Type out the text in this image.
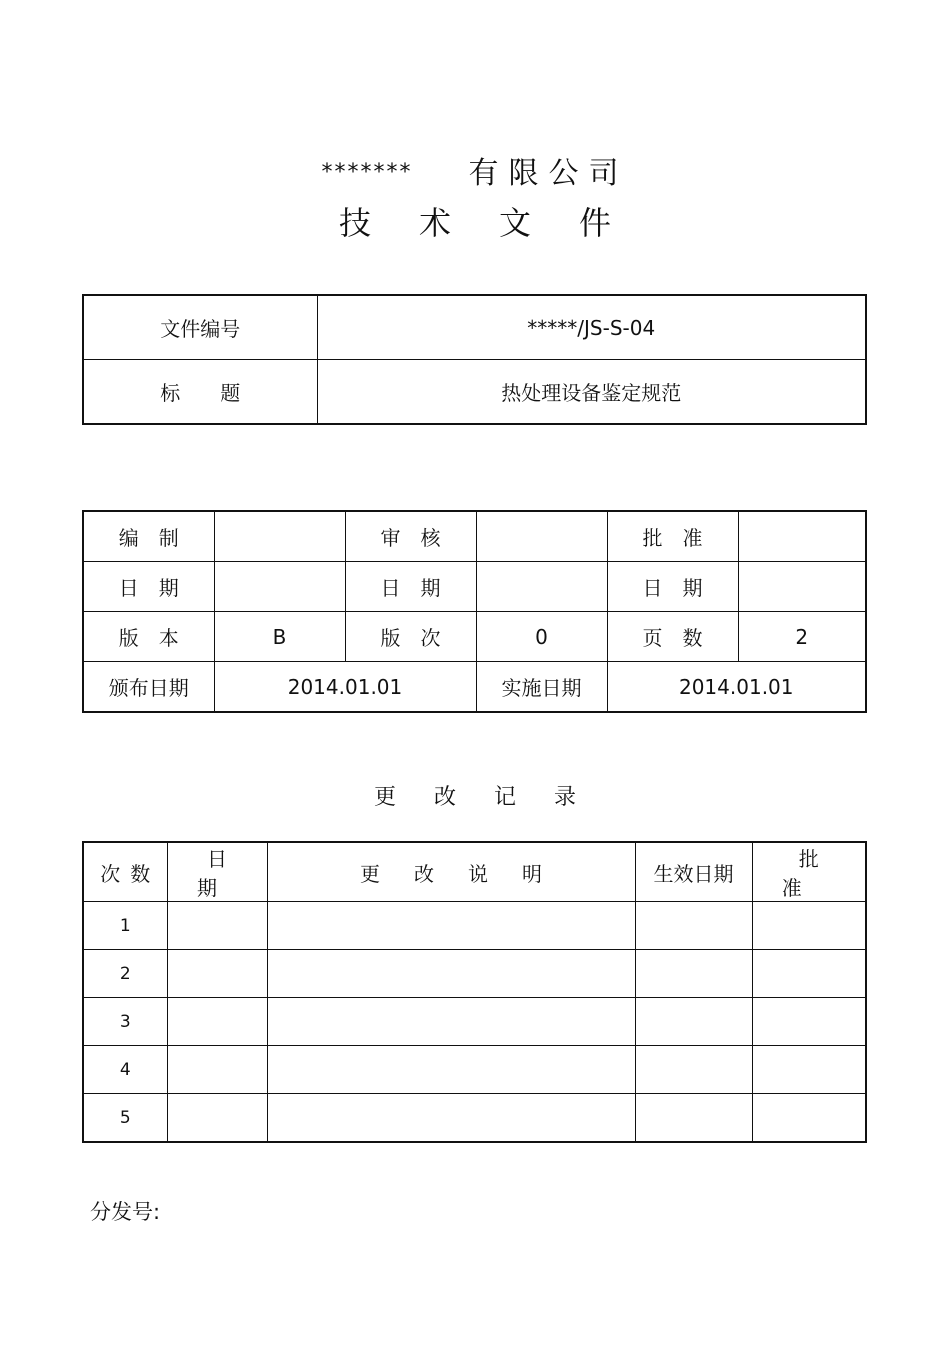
******* 有限公司
技术文件
文件编号	*****/JS-S-04
标题	热处理设备鉴定规范
编制		审核		批准	
日期		日期		日期	
版本	B	版次	0	页数	2
颁布日期	2014.01.01		实施日期	2014.01.01	
更改记录
次数	日期	更改说明	生效日期	批准
1				
2				
3				
4				
5				
分发号:
